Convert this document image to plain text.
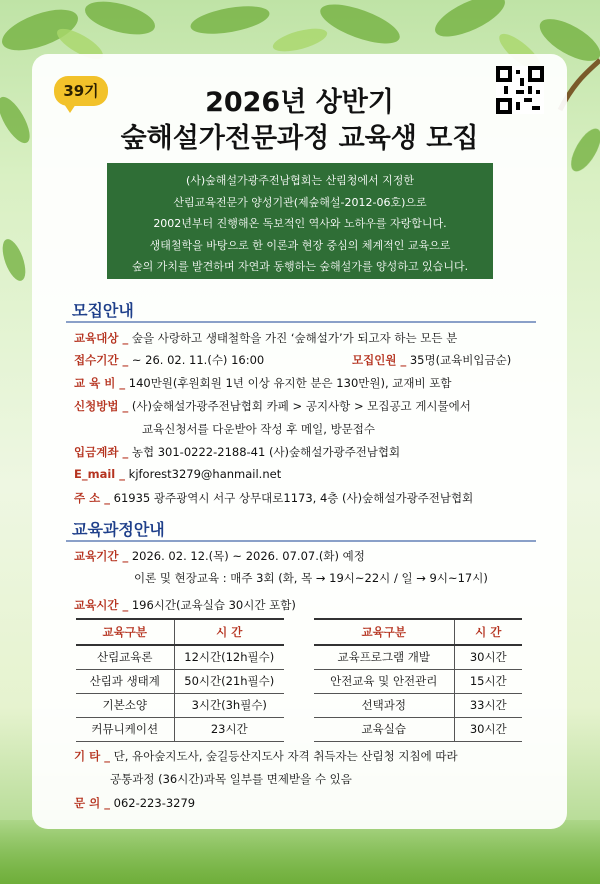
39기	2026년 상반기
숲해설가전문과정 교육생 모집
(사)숲해설가광주전남협회는 산림청에서 지정한
산림교육전문가 양성기관(제숲해설-2012-06호)으로
2002년부터 진행해온 독보적인 역사와 노하우를 자랑합니다.
생태철학을 바탕으로 한 이론과 현장 중심의 체계적인 교육으로
숲의 가치를 발견하며 자연과 동행하는 숲해설가를 양성하고 있습니다.
모집안내
교육대상 _ 숲을 사랑하고 생태철학을 가진 ‘숲해설가’가 되고자 하는 모든 분
접수기간 _ ~ 26. 02. 11.(수) 16:00	모집인원 _ 35명(교육비입금순)
교 육 비 _ 140만원(후원회원 1년 이상 유지한 분은 130만원), 교재비 포함
신청방법 _ (사)숲해설가광주전남협회 카페 > 공지사항 > 모집공고 게시물에서
교육신청서를 다운받아 작성 후 메일, 방문접수
입금계좌 _ 농협 301-0222-2188-41 (사)숲해설가광주전남협회
E_mail _ kjforest3279@hanmail.net
주 소 _ 61935 광주광역시 서구 상무대로1173, 4층 (사)숲해설가광주전남협회
교육과정안내
교육기간 _ 2026. 02. 12.(목) ~ 2026. 07.07.(화) 예정
이론 및 현장교육 : 매주 3회 (화, 목 → 19시~22시 / 일 → 9시~17시)
교육시간 _ 196시간(교육실습 30시간 포함)
교육구분	시 간
산림교육론	12시간(12h필수)
산림과 생태계	50시간(21h필수)
기본소양	3시간(3h필수)
커뮤니케이션	23시간
교육구분	시 간
교육프로그램 개발	30시간
안전교육 및 안전관리	15시간
선택과정	33시간
교육실습	30시간
기 타 _ 단, 유아숲지도사, 숲길등산지도사 자격 취득자는 산림청 지침에 따라
공통과정 (36시간)과목 일부를 면제받을 수 있음
문 의 _ 062-223-3279
